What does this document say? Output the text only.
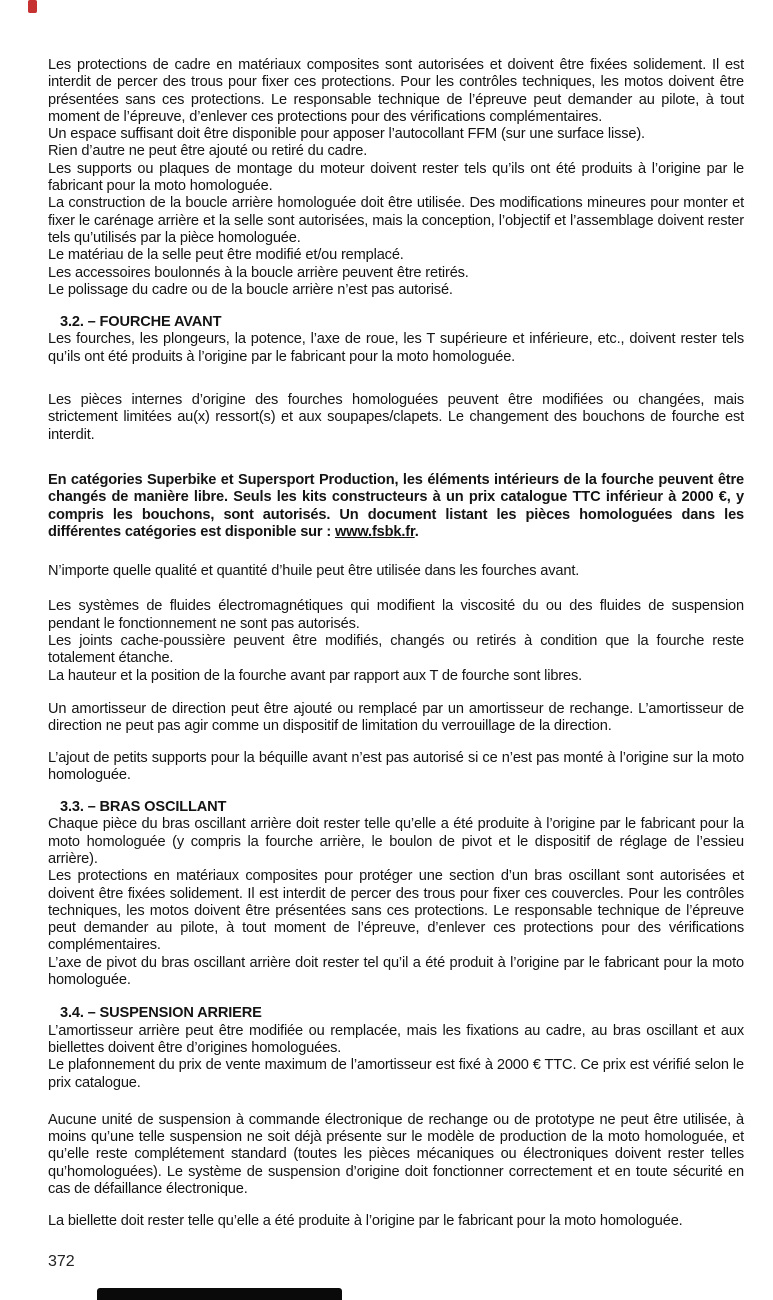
Les protections de cadre en matériaux composites sont autorisées et doivent être fixées solidement. Il est interdit de percer des trous pour fixer ces protections. Pour les contrôles techniques, les motos doivent être présentées sans ces protections. Le responsable technique de l’épreuve peut demander au pilote, à tout moment de l’épreuve, d’enlever ces protections pour des vérifications complémentaires.

Un espace suffisant doit être disponible pour apposer l’autocollant FFM (sur une surface lisse).

Rien d’autre ne peut être ajouté ou retiré du cadre.

Les supports ou plaques de montage du moteur doivent rester tels qu’ils ont été produits à l’origine par le fabricant pour la moto homologuée.

La construction de la boucle arrière homologuée doit être utilisée. Des modifications mineures pour monter et fixer le carénage arrière et la selle sont autorisées, mais la conception, l’objectif et l’assemblage doivent rester tels qu’utilisés par la pièce homologuée.

Le matériau de la selle peut être modifié et/ou remplacé.

Les accessoires boulonnés à la boucle arrière peuvent être retirés.

Le polissage du cadre ou de la boucle arrière n’est pas autorisé.

3.2. – FOURCHE AVANT

Les fourches, les plongeurs, la potence, l’axe de roue, les T supérieure et inférieure, etc., doivent rester tels qu’ils ont été produits à l’origine par le fabricant pour la moto homologuée.

Les pièces internes d’origine des fourches homologuées peuvent être modifiées ou changées, mais strictement limitées au(x) ressort(s) et aux soupapes/clapets. Le changement des bouchons de fourche est interdit.

En catégories Superbike et Supersport Production, les éléments intérieurs de la fourche peuvent être changés de manière libre. Seuls les kits constructeurs à un prix catalogue TTC inférieur à 2000 €, y compris les bouchons, sont autorisés. Un document listant les pièces homologuées dans les différentes catégories est disponible sur : www.fsbk.fr.

N’importe quelle qualité et quantité d’huile peut être utilisée dans les fourches avant.

Les systèmes de fluides électromagnétiques qui modifient la viscosité du ou des fluides de suspension pendant le fonctionnement ne sont pas autorisés.

Les joints cache-poussière peuvent être modifiés, changés ou retirés à condition que la fourche reste totalement étanche.

La hauteur et la position de la fourche avant par rapport aux T de fourche sont libres.

Un amortisseur de direction peut être ajouté ou remplacé par un amortisseur de rechange. L’amortisseur de direction ne peut pas agir comme un dispositif de limitation du verrouillage de la direction.

L’ajout de petits supports pour la béquille avant n’est pas autorisé si ce n’est pas monté à l’origine sur la moto homologuée.

3.3. – BRAS OSCILLANT

Chaque pièce du bras oscillant arrière doit rester telle qu’elle a été produite à l’origine par le fabricant pour la moto homologuée (y compris la fourche arrière, le boulon de pivot et le dispositif de réglage de l’essieu arrière).

Les protections en matériaux composites pour protéger une section d’un bras oscillant sont autorisées et doivent être fixées solidement. Il est interdit de percer des trous pour fixer ces couvercles. Pour les contrôles techniques, les motos doivent être présentées sans ces protections. Le responsable technique de l’épreuve peut demander au pilote, à tout moment de l’épreuve, d’enlever ces protections pour des vérifications complémentaires.

L’axe de pivot du bras oscillant arrière doit rester tel qu’il a été produit à l’origine par le fabricant pour la moto homologuée.

3.4. – SUSPENSION ARRIERE

L’amortisseur arrière peut être modifiée ou remplacée, mais les fixations au cadre, au bras oscillant et aux biellettes doivent être d’origines homologuées.

Le plafonnement du prix de vente maximum de l’amortisseur est fixé à 2000 € TTC. Ce prix est vérifié selon le prix catalogue.

Aucune unité de suspension à commande électronique de rechange ou de prototype ne peut être utilisée, à moins qu’une telle suspension ne soit déjà présente sur le modèle de production de la moto homologuée, et qu’elle reste complétement standard (toutes les pièces mécaniques ou électroniques doivent rester telles qu’homologuées). Le système de suspension d’origine doit fonctionner correctement et en toute sécurité en cas de défaillance électronique.

La biellette doit rester telle qu’elle a été produite à l’origine par le fabricant pour la moto homologuée.

372
